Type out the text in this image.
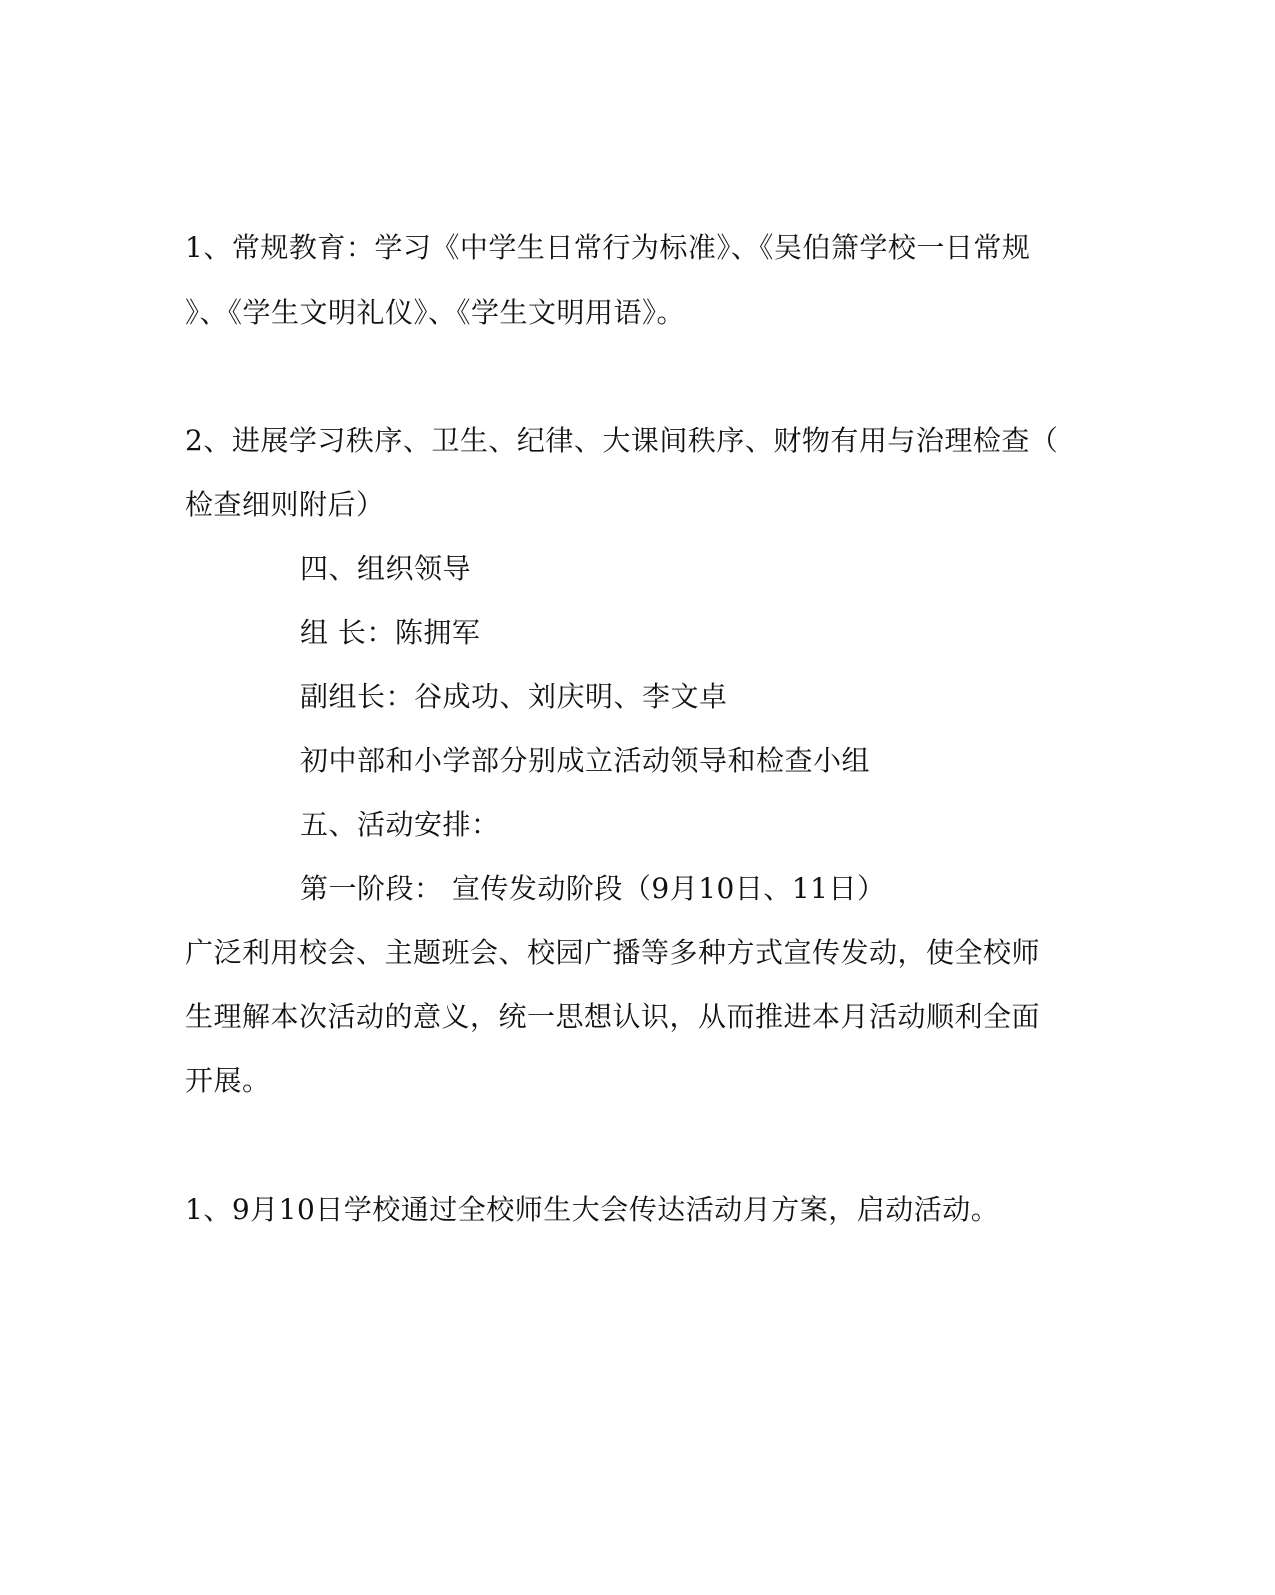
1、常规教育：学习《中学生日常行为标准》、《吴伯箫学校一日常规
》、《学生文明礼仪》、《学生文明用语》。
2、进展学习秩序、卫生、纪律、大课间秩序、财物有用与治理检查（
检查细则附后）
四、组织领导
组 长：陈拥军
副组长：谷成功、刘庆明、李文卓
初中部和小学部分别成立活动领导和检查小组
五、活动安排：
第一阶段： 宣传发动阶段（9月10日、11日）
广泛利用校会、主题班会、校园广播等多种方式宣传发动，使全校师
生理解本次活动的意义，统一思想认识，从而推进本月活动顺利全面
开展。
1、9月10日学校通过全校师生大会传达活动月方案，启动活动。
